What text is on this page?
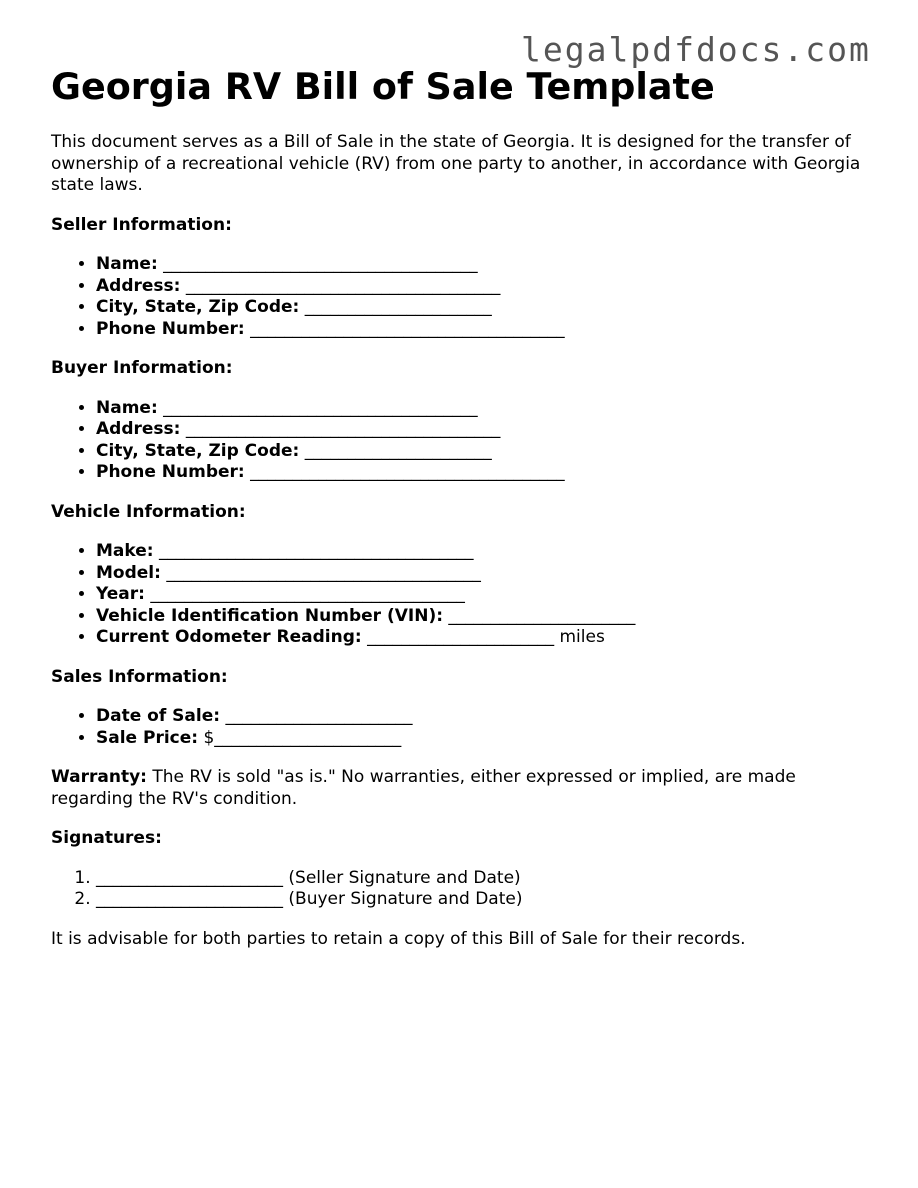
legalpdfdocs.com
Georgia RV Bill of Sale Template

This document serves as a Bill of Sale in the state of Georgia. It is designed for the transfer of ownership of a recreational vehicle (RV) from one party to another, in accordance with Georgia state laws.

Seller Information:

• Name: _____________________________________
• Address: _____________________________________
• City, State, Zip Code: ______________________
• Phone Number: _____________________________________

Buyer Information:

• Name: _____________________________________
• Address: _____________________________________
• City, State, Zip Code: ______________________
• Phone Number: _____________________________________

Vehicle Information:

• Make: _____________________________________
• Model: _____________________________________
• Year: _____________________________________
• Vehicle Identification Number (VIN): ______________________
• Current Odometer Reading: ______________________ miles

Sales Information:

• Date of Sale: ______________________
• Sale Price: $______________________

Warranty: The RV is sold "as is." No warranties, either expressed or implied, are made regarding the RV's condition.

Signatures:

1. ______________________ (Seller Signature and Date)
2. ______________________ (Buyer Signature and Date)

It is advisable for both parties to retain a copy of this Bill of Sale for their records.
